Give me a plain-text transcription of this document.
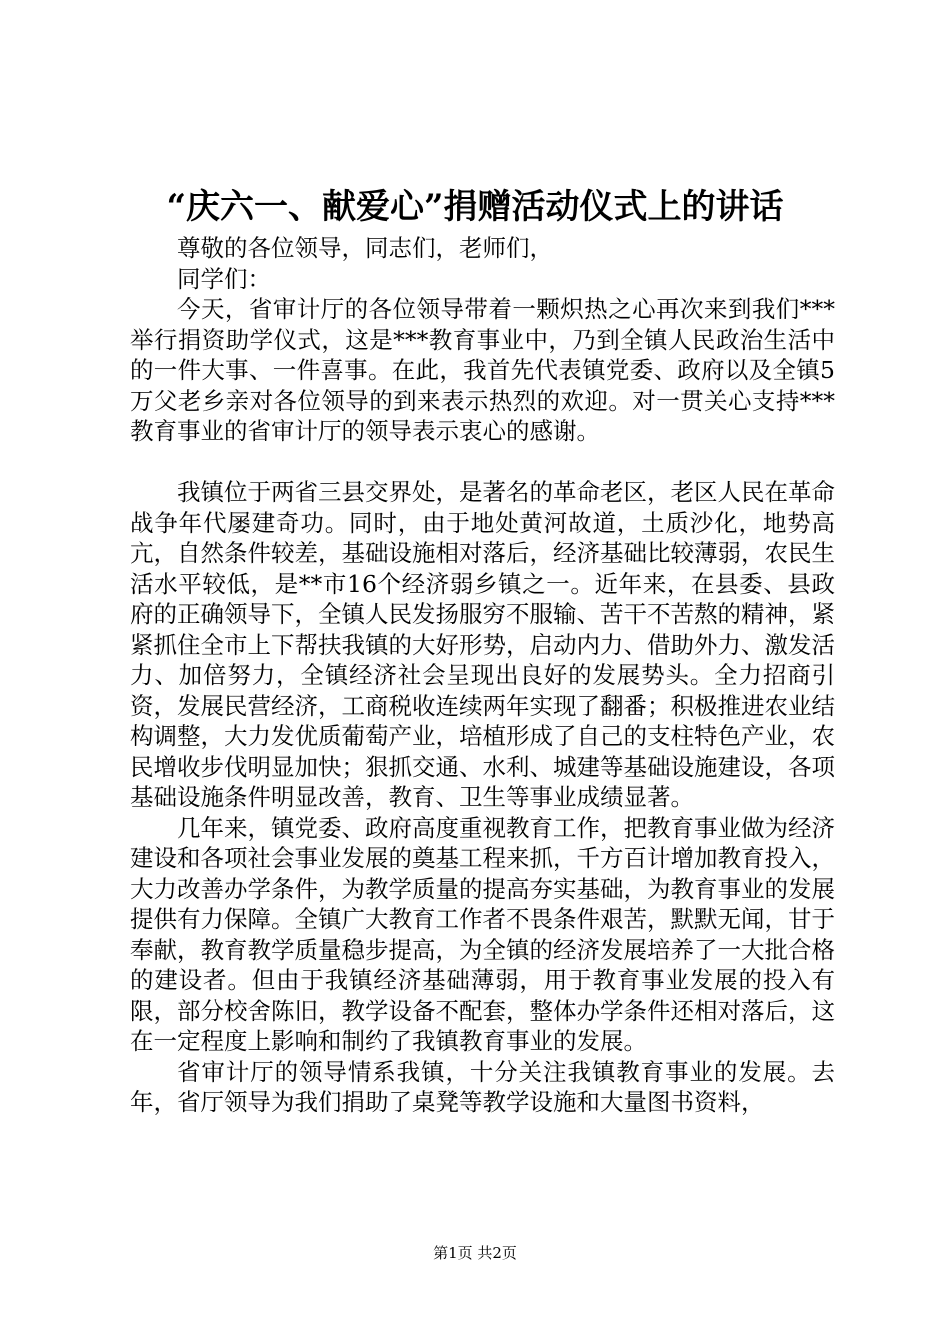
“庆六一、献爱心”捐赠活动仪式上的讲话

尊敬的各位领导，同志们，老师们，

同学们：

今天，省审计厅的各位领导带着一颗炽热之心再次来到我们***举行捐资助学仪式，这是***教育事业中，乃到全镇人民政治生活中的一件大事、一件喜事。在此，我首先代表镇党委、政府以及全镇5万父老乡亲对各位领导的到来表示热烈的欢迎。对一贯关心支持***教育事业的省审计厅的领导表示衷心的感谢。

我镇位于两省三县交界处，是著名的革命老区，老区人民在革命战争年代屡建奇功。同时，由于地处黄河故道，土质沙化，地势高亢，自然条件较差，基础设施相对落后，经济基础比较薄弱，农民生活水平较低，是**市16个经济弱乡镇之一。近年来，在县委、县政府的正确领导下，全镇人民发扬服穷不服输、苦干不苦熬的精神，紧紧抓住全市上下帮扶我镇的大好形势，启动内力、借助外力、激发活力、加倍努力，全镇经济社会呈现出良好的发展势头。全力招商引资，发展民营经济，工商税收连续两年实现了翻番；积极推进农业结构调整，大力发优质葡萄产业，培植形成了自己的支柱特色产业，农民增收步伐明显加快；狠抓交通、水利、城建等基础设施建设，各项基础设施条件明显改善，教育、卫生等事业成绩显著。

几年来，镇党委、政府高度重视教育工作，把教育事业做为经济建设和各项社会事业发展的奠基工程来抓，千方百计增加教育投入，大力改善办学条件，为教学质量的提高夯实基础，为教育事业的发展提供有力保障。全镇广大教育工作者不畏条件艰苦，默默无闻，甘于奉献，教育教学质量稳步提高，为全镇的经济发展培养了一大批合格的建设者。但由于我镇经济基础薄弱，用于教育事业发展的投入有限，部分校舍陈旧，教学设备不配套，整体办学条件还相对落后，这在一定程度上影响和制约了我镇教育事业的发展。

省审计厅的领导情系我镇，十分关注我镇教育事业的发展。去年，省厅领导为我们捐助了桌凳等教学设施和大量图书资料，

第1页 共2页
